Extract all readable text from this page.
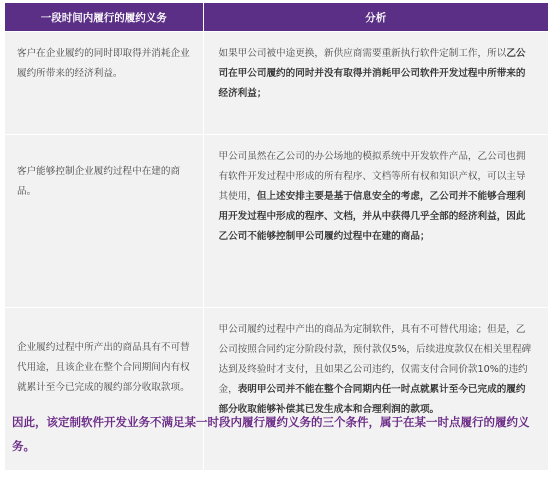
一段时间内履行的履约义务	分析

客户在企业履约的同时即取得并消耗企业履约所带来的经济利益。	如果甲公司被中途更换，新供应商需要重新执行软件定制工作，所以乙公司在甲公司履约的同时并没有取得并消耗甲公司软件开发过程中所带来的经济利益；

客户能够控制企业履约过程中在建的商品。	甲公司虽然在乙公司的办公场地的模拟系统中开发软件产品，乙公司也拥有软件开发过程中形成的所有程序、文档等所有权和知识产权，可以主导其使用，但上述安排主要是基于信息安全的考虑，乙公司并不能够合理利用开发过程中形成的程序、文档，并从中获得几乎全部的经济利益，因此乙公司不能够控制甲公司履约过程中在建的商品；

企业履约过程中所产出的商品具有不可替代用途，且该企业在整个合同期间内有权就累计至今已完成的履约部分收取款项。	甲公司履约过程中产出的商品为定制软件，具有不可替代用途；但是，乙公司按照合同约定分阶段付款，预付款仅5%，后续进度款仅在相关里程碑达到及终验时才支付，且如果乙公司违约，仅需支付合同价款10%的违约金，表明甲公司并不能在整个合同期内任一时点就累计至今已完成的履约部分收取能够补偿其已发生成本和合理利润的款项。

因此，该定制软件开发业务不满足某一时段内履行履约义务的三个条件，属于在某一时点履行的履约义务。
